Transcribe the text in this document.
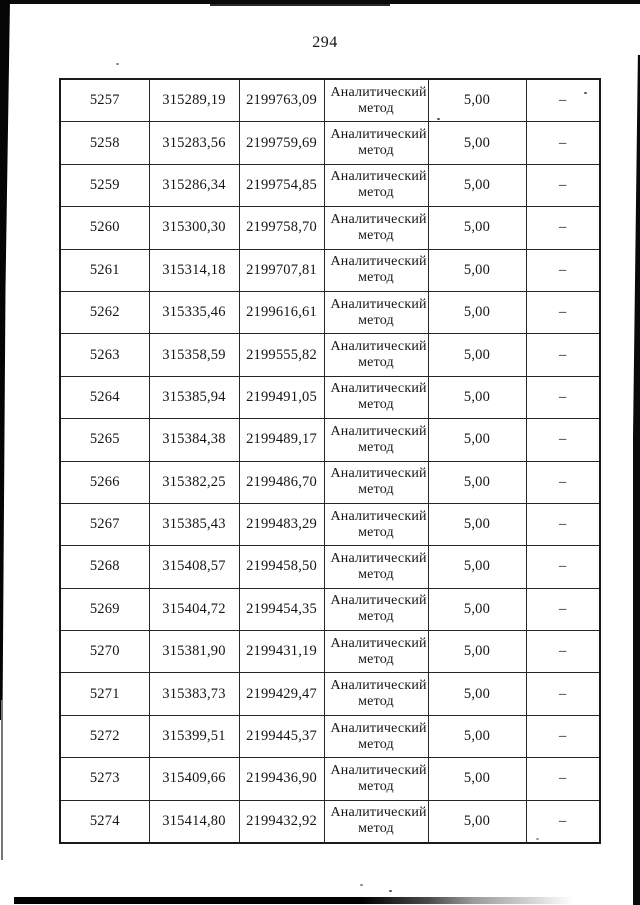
294
5257	315289,19	2199763,09	Аналитический метод	5,00	–
5258	315283,56	2199759,69	Аналитический метод	5,00	–
5259	315286,34	2199754,85	Аналитический метод	5,00	–
5260	315300,30	2199758,70	Аналитический метод	5,00	–
5261	315314,18	2199707,81	Аналитический метод	5,00	–
5262	315335,46	2199616,61	Аналитический метод	5,00	–
5263	315358,59	2199555,82	Аналитический метод	5,00	–
5264	315385,94	2199491,05	Аналитический метод	5,00	–
5265	315384,38	2199489,17	Аналитический метод	5,00	–
5266	315382,25	2199486,70	Аналитический метод	5,00	–
5267	315385,43	2199483,29	Аналитический метод	5,00	–
5268	315408,57	2199458,50	Аналитический метод	5,00	–
5269	315404,72	2199454,35	Аналитический метод	5,00	–
5270	315381,90	2199431,19	Аналитический метод	5,00	–
5271	315383,73	2199429,47	Аналитический метод	5,00	–
5272	315399,51	2199445,37	Аналитический метод	5,00	–
5273	315409,66	2199436,90	Аналитический метод	5,00	–
5274	315414,80	2199432,92	Аналитический метод	5,00	–
